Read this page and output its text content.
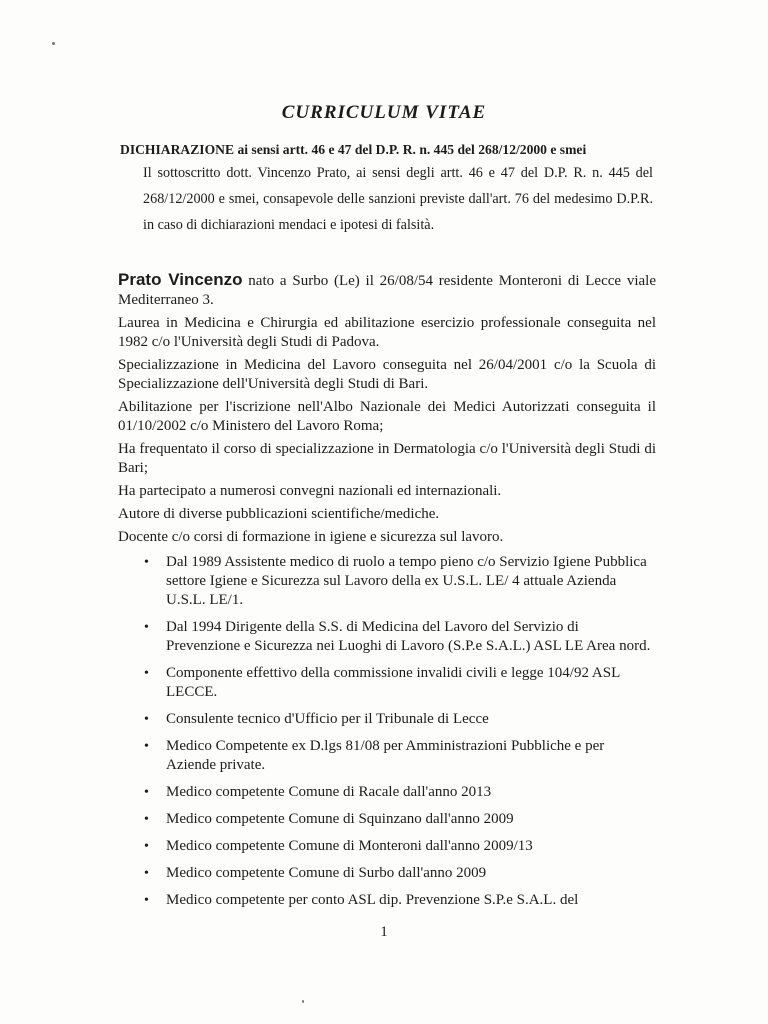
CURRICULUM VITAE
DICHIARAZIONE ai sensi artt. 46 e 47 del D.P. R. n. 445 del 268/12/2000 e smei
Il sottoscritto dott. Vincenzo Prato, ai sensi degli artt. 46 e 47 del D.P. R. n. 445 del 268/12/2000 e smei, consapevole delle sanzioni previste dall'art. 76 del medesimo D.P.R. in caso di dichiarazioni mendaci e ipotesi di falsità.

Prato Vincenzo nato a Surbo (Le) il 26/08/54 residente Monteroni di Lecce viale Mediterraneo 3.

Laurea in Medicina e Chirurgia ed abilitazione esercizio professionale conseguita nel 1982 c/o l'Università degli Studi di Padova.

Specializzazione in Medicina del Lavoro conseguita nel 26/04/2001 c/o la Scuola di Specializzazione dell'Università degli Studi di Bari.

Abilitazione per l'iscrizione nell'Albo Nazionale dei Medici Autorizzati conseguita il 01/10/2002 c/o Ministero del Lavoro Roma;

Ha frequentato il corso di specializzazione in Dermatologia c/o l'Università degli Studi di Bari;

Ha partecipato a numerosi convegni nazionali ed internazionali.

Autore di diverse pubblicazioni scientifiche/mediche.

Docente c/o corsi di formazione in igiene e sicurezza sul lavoro.

• Dal 1989 Assistente medico di ruolo a tempo pieno c/o Servizio Igiene Pubblica settore Igiene e Sicurezza sul Lavoro della ex U.S.L. LE/ 4 attuale Azienda U.S.L. LE/1.
• Dal 1994 Dirigente della S.S. di Medicina del Lavoro del Servizio di Prevenzione e Sicurezza nei Luoghi di Lavoro (S.P.e S.A.L.) ASL LE Area nord.
• Componente effettivo della commissione invalidi civili e legge 104/92 ASL LECCE.
• Consulente tecnico d'Ufficio per il Tribunale di Lecce
• Medico Competente ex D.lgs 81/08 per Amministrazioni Pubbliche e per Aziende private.
• Medico competente Comune di Racale dall'anno 2013
• Medico competente Comune di Squinzano dall'anno 2009
• Medico competente Comune di Monteroni dall'anno 2009/13
• Medico competente Comune di Surbo dall'anno 2009
• Medico competente per conto ASL dip. Prevenzione S.P.e S.A.L. del
1
